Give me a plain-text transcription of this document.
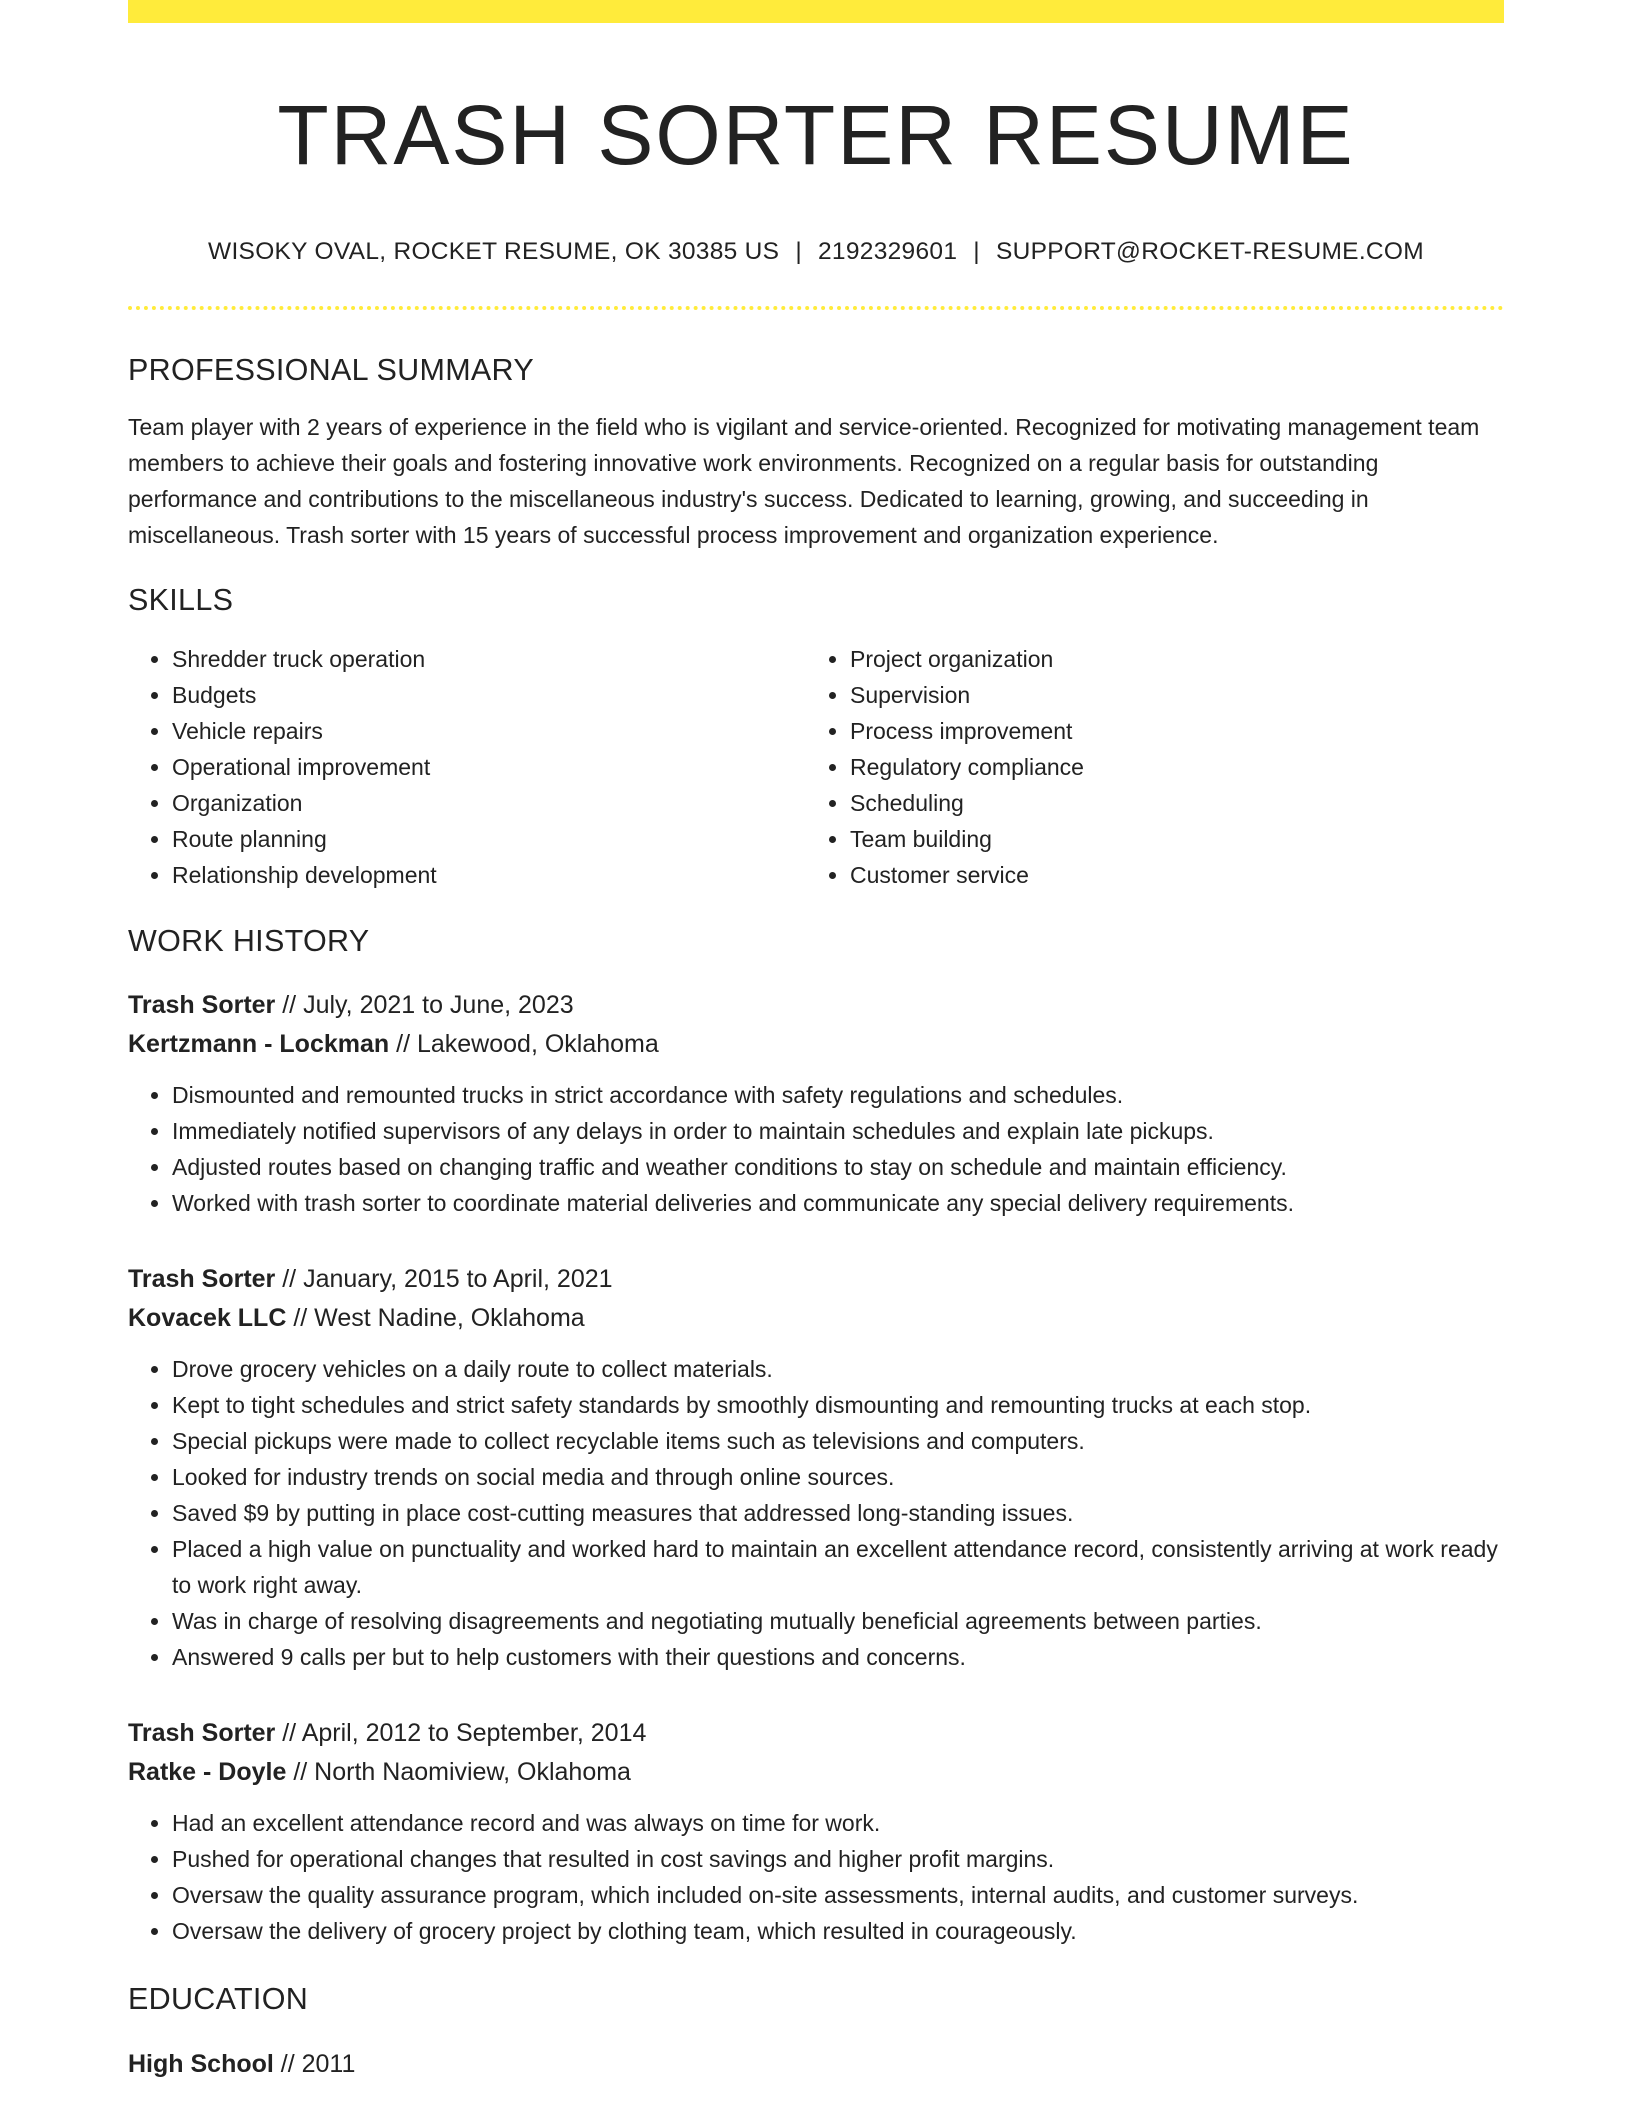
TRASH SORTER RESUME
WISOKY OVAL, ROCKET RESUME, OK 30385 US | 2192329601 | SUPPORT@ROCKET-RESUME.COM
PROFESSIONAL SUMMARY

Team player with 2 years of experience in the field who is vigilant and service-oriented. Recognized for motivating management team members to achieve their goals and fostering innovative work environments. Recognized on a regular basis for outstanding performance and contributions to the miscellaneous industry's success. Dedicated to learning, growing, and succeeding in miscellaneous. Trash sorter with 15 years of successful process improvement and organization experience.

SKILLS
• Shredder truck operation
• Budgets
• Vehicle repairs
• Operational improvement
• Organization
• Route planning
• Relationship development
• Project organization
• Supervision
• Process improvement
• Regulatory compliance
• Scheduling
• Team building
• Customer service
WORK HISTORY
Trash Sorter // July, 2021 to June, 2023
Kertzmann - Lockman // Lakewood, Oklahoma
• Dismounted and remounted trucks in strict accordance with safety regulations and schedules.
• Immediately notified supervisors of any delays in order to maintain schedules and explain late pickups.
• Adjusted routes based on changing traffic and weather conditions to stay on schedule and maintain efficiency.
• Worked with trash sorter to coordinate material deliveries and communicate any special delivery requirements.
Trash Sorter // January, 2015 to April, 2021
Kovacek LLC // West Nadine, Oklahoma
• Drove grocery vehicles on a daily route to collect materials.
• Kept to tight schedules and strict safety standards by smoothly dismounting and remounting trucks at each stop.
• Special pickups were made to collect recyclable items such as televisions and computers.
• Looked for industry trends on social media and through online sources.
• Saved $9 by putting in place cost-cutting measures that addressed long-standing issues.
• Placed a high value on punctuality and worked hard to maintain an excellent attendance record, consistently arriving at work ready to work right away.
• Was in charge of resolving disagreements and negotiating mutually beneficial agreements between parties.
• Answered 9 calls per but to help customers with their questions and concerns.
Trash Sorter // April, 2012 to September, 2014
Ratke - Doyle // North Naomiview, Oklahoma
• Had an excellent attendance record and was always on time for work.
• Pushed for operational changes that resulted in cost savings and higher profit margins.
• Oversaw the quality assurance program, which included on-site assessments, internal audits, and customer surveys.
• Oversaw the delivery of grocery project by clothing team, which resulted in courageously.
EDUCATION
High School // 2011
